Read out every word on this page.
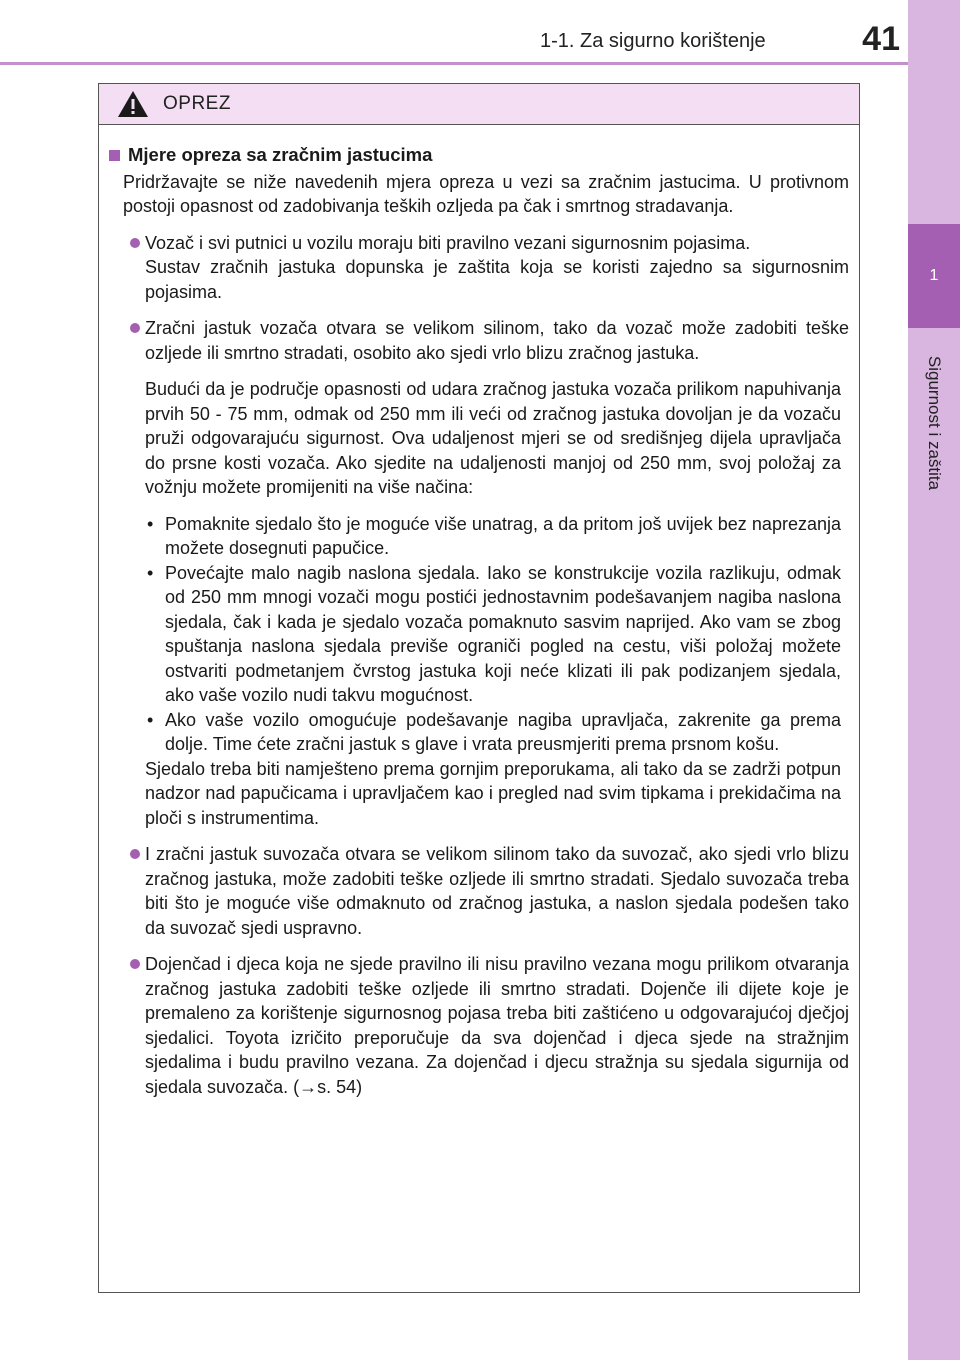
1-1. Za sigurno korištenje	41
1
Sigurnost i zaštita
OPREZ
Mjere opreza sa zračnim jastucima

Pridržavajte se niže navedenih mjera opreza u vezi sa zračnim jastucima. U protivnom postoji opasnost od zadobivanja teških ozljeda pa čak i smrtnog stradavanja.

Vozač i svi putnici u vozilu moraju biti pravilno vezani sigurnosnim pojasima.
Sustav zračnih jastuka dopunska je zaštita koja se koristi zajedno sa sigurnosnim pojasima.
Zračni jastuk vozača otvara se velikom silinom, tako da vozač može zadobiti teške ozljede ili smrtno stradati, osobito ako sjedi vrlo blizu zračnog jastuka.

Budući da je područje opasnosti od udara zračnog jastuka vozača prilikom napuhivanja prvih 50 - 75 mm, odmak od 250 mm ili veći od zračnog jastuka dovoljan je da vozaču pruži odgovarajuću sigurnost. Ova udaljenost mjeri se od središnjeg dijela upravljača do prsne kosti vozača. Ako sjedite na udaljenosti manjoj od 250 mm, svoj položaj za vožnju možete promijeniti na više načina:

• Pomaknite sjedalo što je moguće više unatrag, a da pritom još uvijek bez naprezanja možete dosegnuti papučice.
• Povećajte malo nagib naslona sjedala. Iako se konstrukcije vozila razlikuju, odmak od 250 mm mnogi vozači mogu postići jednostavnim podešavanjem nagiba naslona sjedala, čak i kada je sjedalo vozača pomaknuto sasvim naprijed. Ako vam se zbog spuštanja naslona sjedala previše ograniči pogled na cestu, viši položaj možete ostvariti podmetanjem čvrstog jastuka koji neće klizati ili pak podizanjem sjedala, ako vaše vozilo nudi takvu mogućnost.
• Ako vaše vozilo omogućuje podešavanje nagiba upravljača, zakrenite ga prema dolje. Time ćete zračni jastuk s glave i vrata preusmjeriti prema prsnom košu.

Sjedalo treba biti namješteno prema gornjim preporukama, ali tako da se zadrži potpun nadzor nad papučicama i upravljačem kao i pregled nad svim tipkama i prekidačima na ploči s instrumentima.

I zračni jastuk suvozača otvara se velikom silinom tako da suvozač, ako sjedi vrlo blizu zračnog jastuka, može zadobiti teške ozljede ili smrtno stradati. Sjedalo suvozača treba biti što je moguće više odmaknuto od zračnog jastuka, a naslon sjedala podešen tako da suvozač sjedi uspravno.
Dojenčad i djeca koja ne sjede pravilno ili nisu pravilno vezana mogu prilikom otvaranja zračnog jastuka zadobiti teške ozljede ili smrtno stradati. Dojenče ili dijete koje je premaleno za korištenje sigurnosnog pojasa treba biti zaštićeno u odgovarajućoj dječjoj sjedalici. Toyota izričito preporučuje da sva dojenčad i djeca sjede na stražnjim sjedalima i budu pravilno vezana. Za dojenčad i djecu stražnja su sjedala sigurnija od sjedala suvozača. (→s. 54)
